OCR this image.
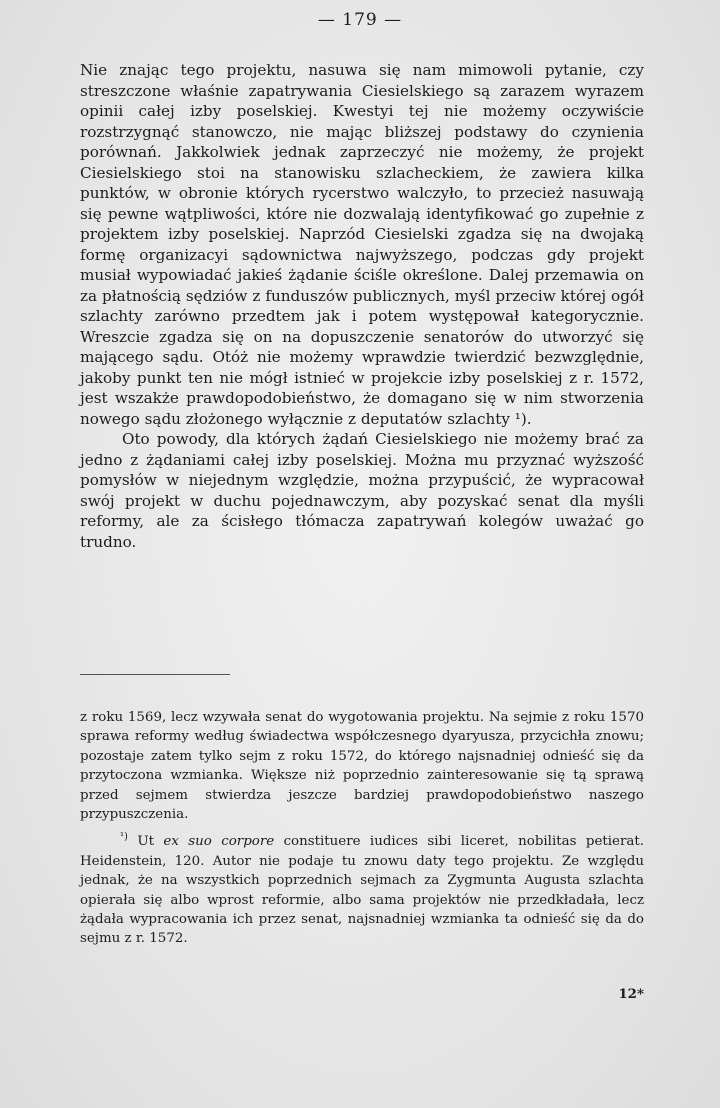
— 179 —

Nie znając tego projektu, nasuwa się nam mimowoli pytanie, czy streszczone właśnie zapatrywania Ciesielskiego są zarazem wyrazem opinii całej izby poselskiej. Kwestyi tej nie możemy oczywiście rozstrzygnąć stanowczo, nie mając bliższej podstawy do czynienia porównań. Jakkolwiek jednak zaprzeczyć nie możemy, że projekt Ciesielskiego stoi na stanowisku szlacheckiem, że zawiera kilka punktów, w obronie których rycerstwo walczyło, to przecież nasuwają się pewne wątpliwości, które nie dozwalają identyfikować go zupełnie z projektem izby poselskiej. Naprzód Ciesielski zgadza się na dwojaką formę organizacyi sądownictwa najwyższego, podczas gdy projekt musiał wypowiadać jakieś żądanie ściśle określone. Dalej przemawia on za płatnością sędziów z funduszów publicznych, myśl przeciw której ogół szlachty zarówno przedtem jak i potem występował kategorycznie. Wreszcie zgadza się on na dopuszczenie senatorów do utworzyć się mającego sądu. Otóż nie możemy wprawdzie twierdzić bezwzględnie, jakoby punkt ten nie mógł istnieć w projekcie izby poselskiej z r. 1572, jest wszakże prawdopodobieństwo, że domagano się w nim stworzenia nowego sądu złożonego wyłącznie z deputatów szlachty ¹).

Oto powody, dla których żądań Ciesielskiego nie możemy brać za jedno z żądaniami całej izby poselskiej. Można mu przyznać wyższość pomysłów w niejednym względzie, można przypuścić, że wypracował swój projekt w duchu pojednawczym, aby pozyskać senat dla myśli reformy, ale za ścisłego tłómacza zapatrywań kolegów uważać go trudno.

z roku 1569, lecz wzywała senat do wygotowania projektu. Na sejmie z roku 1570 sprawa reformy według świadectwa współczesnego dyaryusza, przycichła znowu; pozostaje zatem tylko sejm z roku 1572, do którego najsnadniej odnieść się da przytoczona wzmianka. Większe niż poprzednio zainteresowanie się tą sprawą przed sejmem stwierdza jeszcze bardziej prawdopodobieństwo naszego przypuszczenia.

$^{^1)}$ Ut ex suo corpore constituere iudices sibi liceret, nobilitas petierat. Heidenstein, 120. Autor nie podaje tu znowu daty tego projektu. Ze względu jednak, że na wszystkich poprzednich sejmach za Zygmunta Augusta szlachta opierała się albo wprost reformie, albo sama projektów nie przedkładała, lecz żądała wypracowania ich przez senat, najsnadniej wzmianka ta odnieść się da do sejmu z r. 1572.

12*
